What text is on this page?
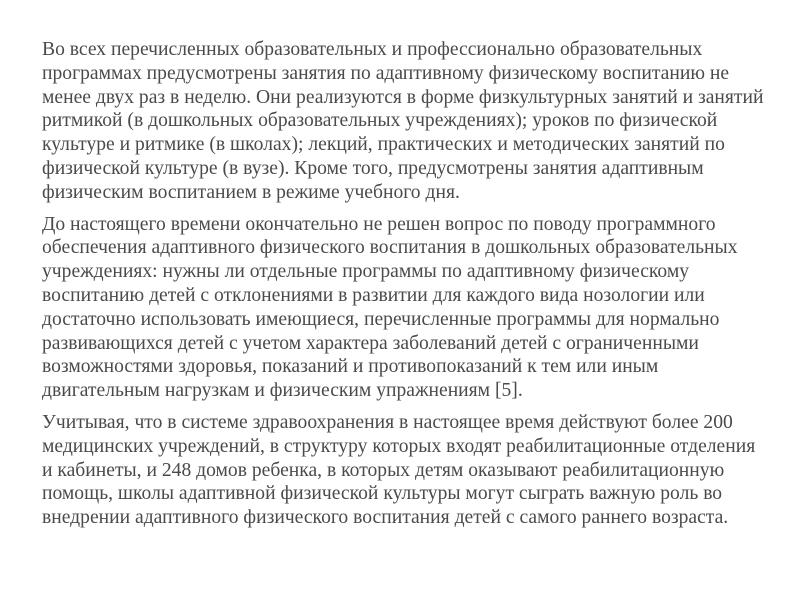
Во всех перечисленных образовательных и профессионально образовательных программах предусмотрены занятия по адаптивному физическому воспитанию не менее двух раз в неделю. Они реализуются в форме физкультурных занятий и занятий ритмикой (в дошкольных образовательных учреждениях); уроков по физической культуре и ритмике (в школах); лекций, практических и методических занятий по физической культуре (в вузе). Кроме того, предусмотрены занятия адаптивным физическим воспитанием в режиме учебного дня.

До настоящего времени окончательно не решен вопрос по поводу программного обеспечения адаптивного физического воспитания в дошкольных образовательных учреждениях: нужны ли отдельные программы по адаптивному физическому воспитанию детей с отклонениями в развитии для каждого вида нозологии или достаточно использовать имеющиеся, перечисленные программы для нормально развивающихся детей с учетом характера заболеваний детей с ограниченными возможностями здоровья, показаний и противопоказаний к тем или иным двигательным нагрузкам и физическим упражнениям [5].

Учитывая, что в системе здравоохранения в настоящее время действуют более 200 медицинских учреждений, в структуру которых входят реабилитационные отделения и кабинеты, и 248 домов ребенка, в которых детям оказывают реабилитационную помощь, школы адаптивной физической культуры могут сыграть важную роль во внедрении адаптивного физического воспитания детей с самого раннего возраста.
